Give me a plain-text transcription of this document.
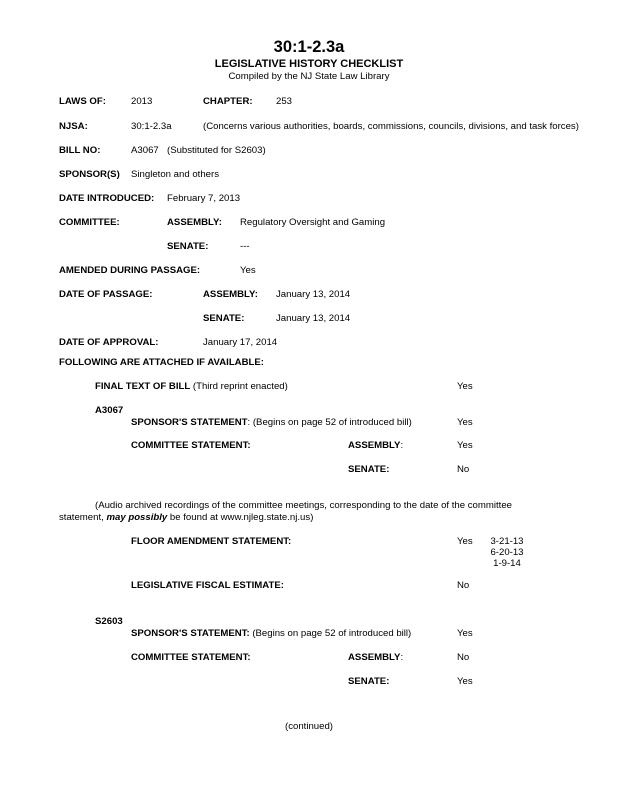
30:1-2.3a
LEGISLATIVE HISTORY CHECKLIST
Compiled by the NJ State Law Library
LAWS OF:	2013	CHAPTER: 253
NJSA:	30:1-2.3a	(Concerns various authorities, boards, commissions, councils, divisions, and task forces)
BILL NO:	A3067 (Substituted for S2603)
SPONSOR(S) Singleton and others
DATE INTRODUCED: February 7, 2013
COMMITTEE:	ASSEMBLY: Regulatory Oversight and Gaming
SENATE:	---
AMENDED DURING PASSAGE:	Yes
DATE OF PASSAGE:	ASSEMBLY: January 13, 2014
SENATE:	January 13, 2014
DATE OF APPROVAL:	January 17, 2014
FOLLOWING ARE ATTACHED IF AVAILABLE:
FINAL TEXT OF BILL (Third reprint enacted)	Yes
A3067
SPONSOR'S STATEMENT: (Begins on page 52 of introduced bill)	Yes
COMMITTEE STATEMENT:	ASSEMBLY:	Yes
SENATE:	No
(Audio archived recordings of the committee meetings, corresponding to the date of the committee statement, may possibly be found at www.njleg.state.nj.us)
FLOOR AMENDMENT STATEMENT:	Yes	3-21-13
6-20-13
1-9-14
LEGISLATIVE FISCAL ESTIMATE:	No
S2603
SPONSOR'S STATEMENT: (Begins on page 52 of introduced bill)	Yes
COMMITTEE STATEMENT:	ASSEMBLY:	No
SENATE:	Yes
(continued)
